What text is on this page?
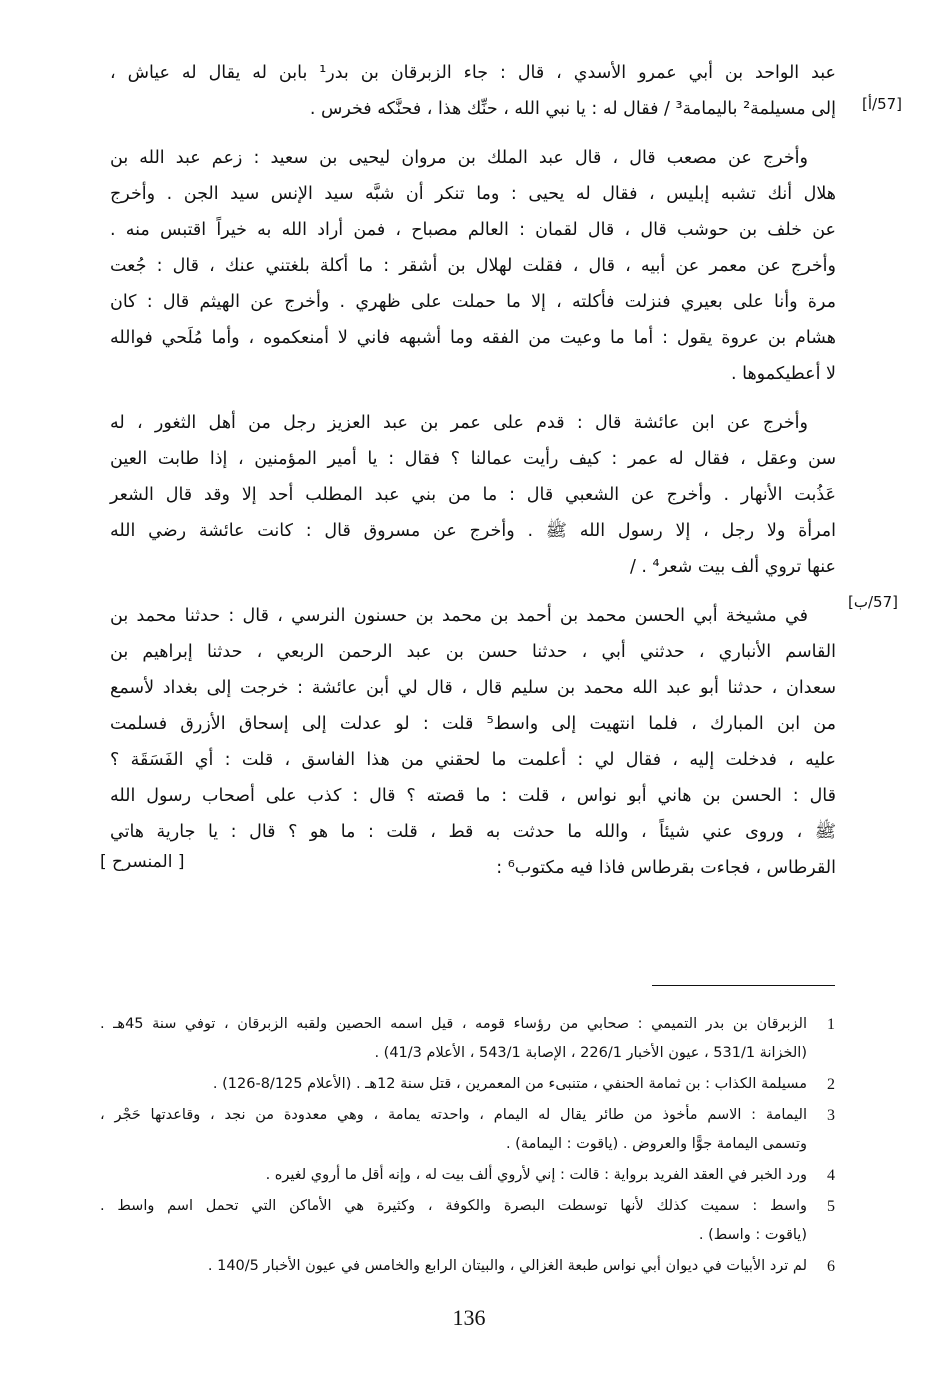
عبد الواحد بن أبي عمرو الأسدي ، قال : جاء الزبرقان بن بدر¹ بابن له يقال له عياش ،
إلى مسيلمة² باليمامة³ / فقال له : يا نبي الله ، حنِّك هذا ، فحنَّكه فخرس .
وأخرج عن مصعب قال ، قال عبد الملك بن مروان ليحيى بن سعيد : زعم عبد الله بن
هلال أنك تشبه إبليس ، فقال له يحيى : وما تنكر أن شبَّه سيد الإنس سيد الجن . وأخرج
عن خلف بن حوشب قال ، قال لقمان : العالم مصباح ، فمن أراد الله به خيراً اقتبس منه .
وأخرج عن معمر عن أبيه ، قال ، فقلت لهلال بن أشقر : ما أكلة بلغتني عنك ، قال : جُعت
مرة وأنا على بعيري فنزلت فأكلته ، إلا ما حملت على ظهري . وأخرج عن الهيثم قال : كان
هشام بن عروة يقول : أما ما وعيت من الفقه وما أشبهه فاني لا أمنعكموه ، وأما مُلَحي فوالله
لا أعطيكموها .
وأخرج عن ابن عائشة قال : قدم على عمر بن عبد العزيز رجل من أهل الثغور ، له
سن وعقل ، فقال له عمر : كيف رأيت عمالنا ؟ فقال : يا أمير المؤمنين ، إذا طابت العين
عَذُبت الأنهار . وأخرج عن الشعبي قال : ما من بني عبد المطلب أحد إلا وقد قال الشعر
امرأة ولا رجل ، إلا رسول الله ﷺ . وأخرج عن مسروق قال : كانت عائشة رضي الله
عنها تروي ألف بيت شعر⁴ . /
في مشيخة أبي الحسن محمد بن أحمد بن محمد بن حسنون النرسي ، قال : حدثنا محمد بن
القاسم الأنباري ، حدثني أبي ، حدثنا حسن بن عبد الرحمن الربعي ، حدثنا إبراهيم بن
سعدان ، حدثنا أبو عبد الله محمد بن سليم قال ، قال لي أبن عائشة : خرجت إلى بغداد لأسمع
من ابن المبارك ، فلما انتهيت إلى واسط⁵ قلت : لو عدلت إلى إسحاق الأزرق فسلمت
عليه ، فدخلت إليه ، فقال لي : أعلمت ما لحقني من هذا الفاسق ، قلت : أي الفَسَقَة ؟
قال : الحسن بن هاني أبو نواس ، قلت : ما قصته ؟ قال : كذب على أصحاب رسول الله
ﷺ ، وروى عني شيئاً ، والله ما حدثت به قط ، قلت : ما هو ؟ قال : يا جارية هاتي
القرطاس ، فجاءت بقرطاس فاذا فيه مكتوب⁶ :
[57/أ]
[57/ب]
[ المنسرح ]
1
الزبرقان بن بدر التميمي : صحابي من رؤساء قومه ، قيل اسمه الحصين ولقبه الزبرقان ، توفي سنة 45هـ .
(الخزانة 531/1 ، عيون الأخبار 226/1 ، الإصابة 543/1 ، الأعلام 41/3) .
2
مسيلمة الكذاب : بن ثمامة الحنفي ، متنبىء من المعمرين ، قتل سنة 12هـ . (الأعلام 8/125-126) .
3
اليمامة : الاسم مأخوذ من طائر يقال له اليمام ، واحدته يمامة ، وهي معدودة من نجد ، وقاعدتها حَجْر ،
وتسمى اليمامة جوًّا والعروض . (ياقوت : اليمامة) .
4
ورد الخبر في العقد الفريد برواية : قالت : إني لأروي ألف بيت له ، وإنه أقل ما أروي لغيره .
5
واسط : سميت كذلك لأنها توسطت البصرة والكوفة ، وكثيرة هي الأماكن التي تحمل اسم واسط .
(ياقوت : واسط) .
6
لم ترد الأبيات في ديوان أبي نواس طبعة الغزالي ، والبيتان الرابع والخامس في عيون الأخبار 140/5 .
136
